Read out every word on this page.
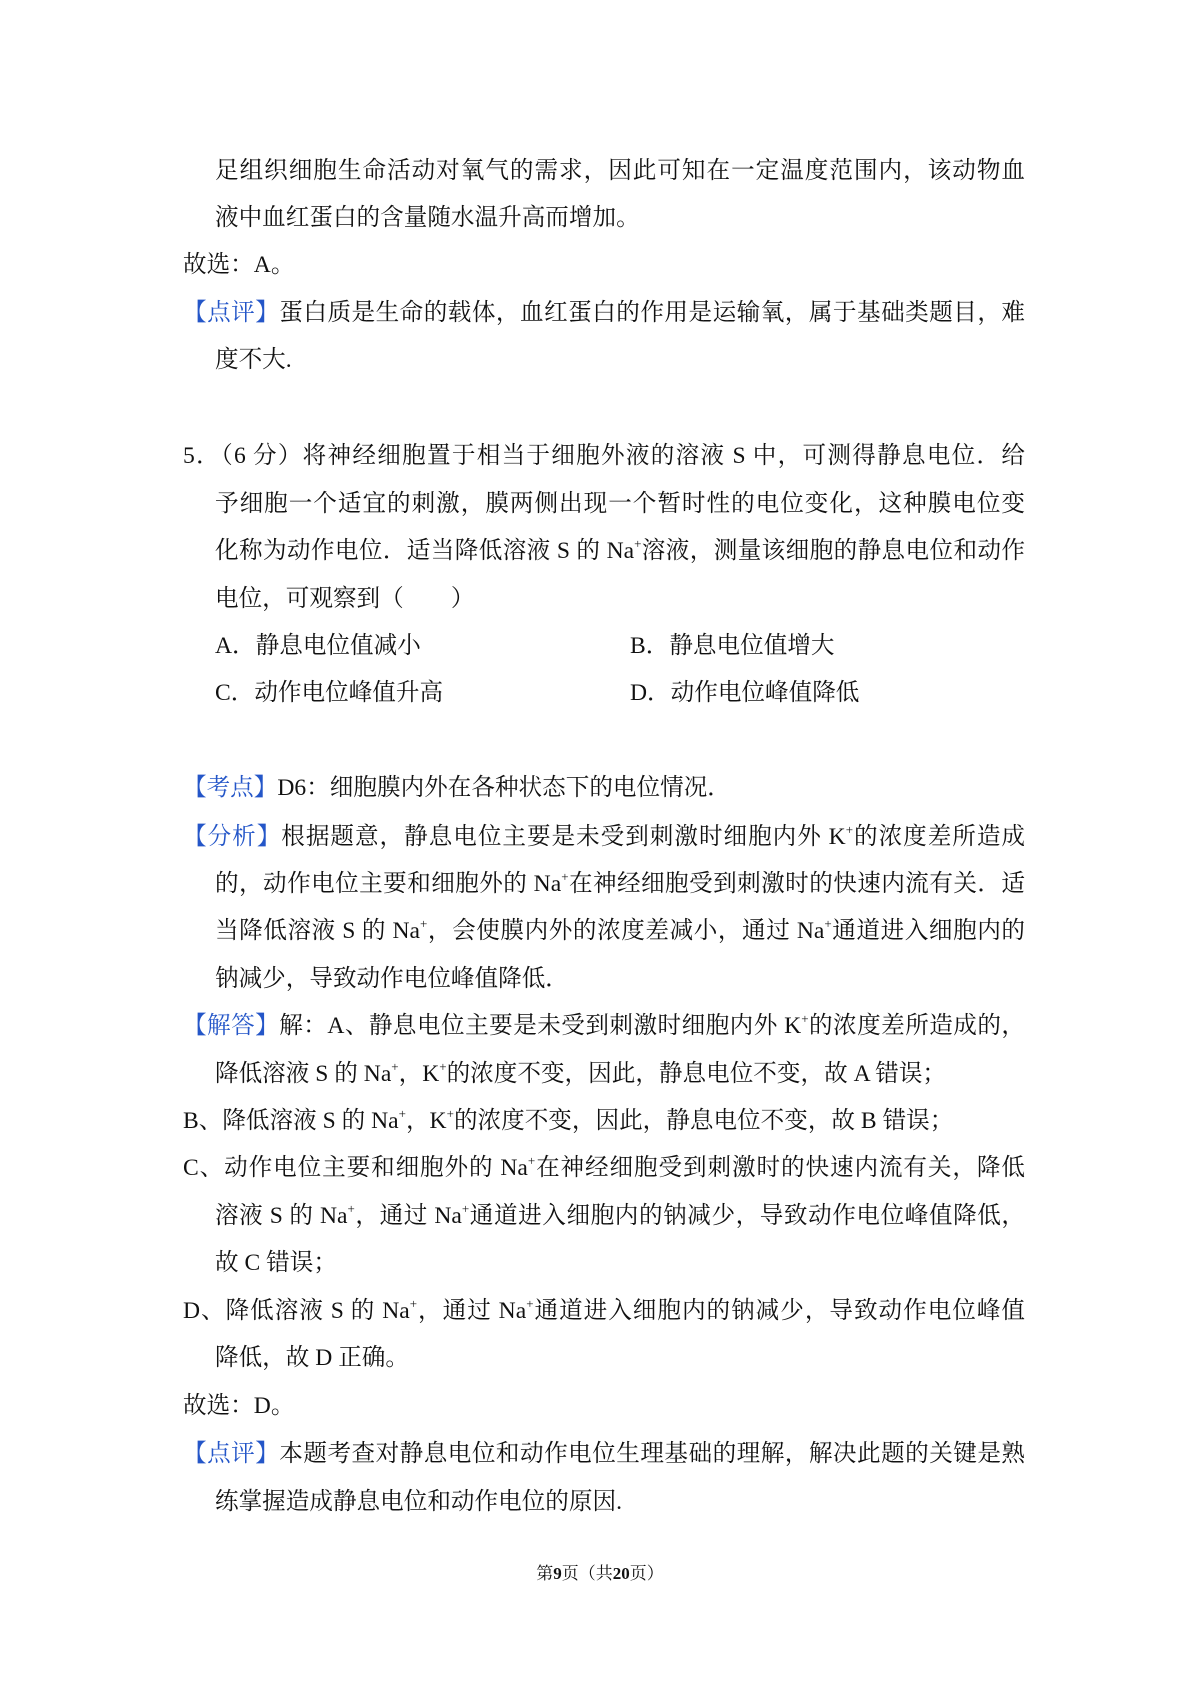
足组织细胞生命活动对氧气的需求，因此可知在一定温度范围内，该动物血
液中血红蛋白的含量随水温升高而增加。
故选：A。
【点评】蛋白质是生命的载体，血红蛋白的作用是运输氧，属于基础类题目，难
度不大.
5．（6 分）将神经细胞置于相当于细胞外液的溶液 S 中，可测得静息电位．给
予细胞一个适宜的刺激，膜两侧出现一个暂时性的电位变化，这种膜电位变
化称为动作电位．适当降低溶液 S 的 Na+溶液，测量该细胞的静息电位和动作
电位，可观察到（　　）
A．静息电位值减小	B．静息电位值增大
C．动作电位峰值升高	D．动作电位峰值降低
【考点】D6：细胞膜内外在各种状态下的电位情况．
【分析】根据题意，静息电位主要是未受到刺激时细胞内外 K+的浓度差所造成
的，动作电位主要和细胞外的 Na+在神经细胞受到刺激时的快速内流有关．适
当降低溶液 S 的 Na+，会使膜内外的浓度差减小，通过 Na+通道进入细胞内的
钠减少，导致动作电位峰值降低．
【解答】解：A、静息电位主要是未受到刺激时细胞内外 K+的浓度差所造成的，
降低溶液 S 的 Na+，K+的浓度不变，因此，静息电位不变，故 A 错误；
B、降低溶液 S 的 Na+，K+的浓度不变，因此，静息电位不变，故 B 错误；
C、动作电位主要和细胞外的 Na+在神经细胞受到刺激时的快速内流有关，降低
溶液 S 的 Na+，通过 Na+通道进入细胞内的钠减少，导致动作电位峰值降低，
故 C 错误；
D、降低溶液 S 的 Na+，通过 Na+通道进入细胞内的钠减少，导致动作电位峰值
降低，故 D 正确。
故选：D。
【点评】本题考查对静息电位和动作电位生理基础的理解，解决此题的关键是熟
练掌握造成静息电位和动作电位的原因.
第9页（共20页）
